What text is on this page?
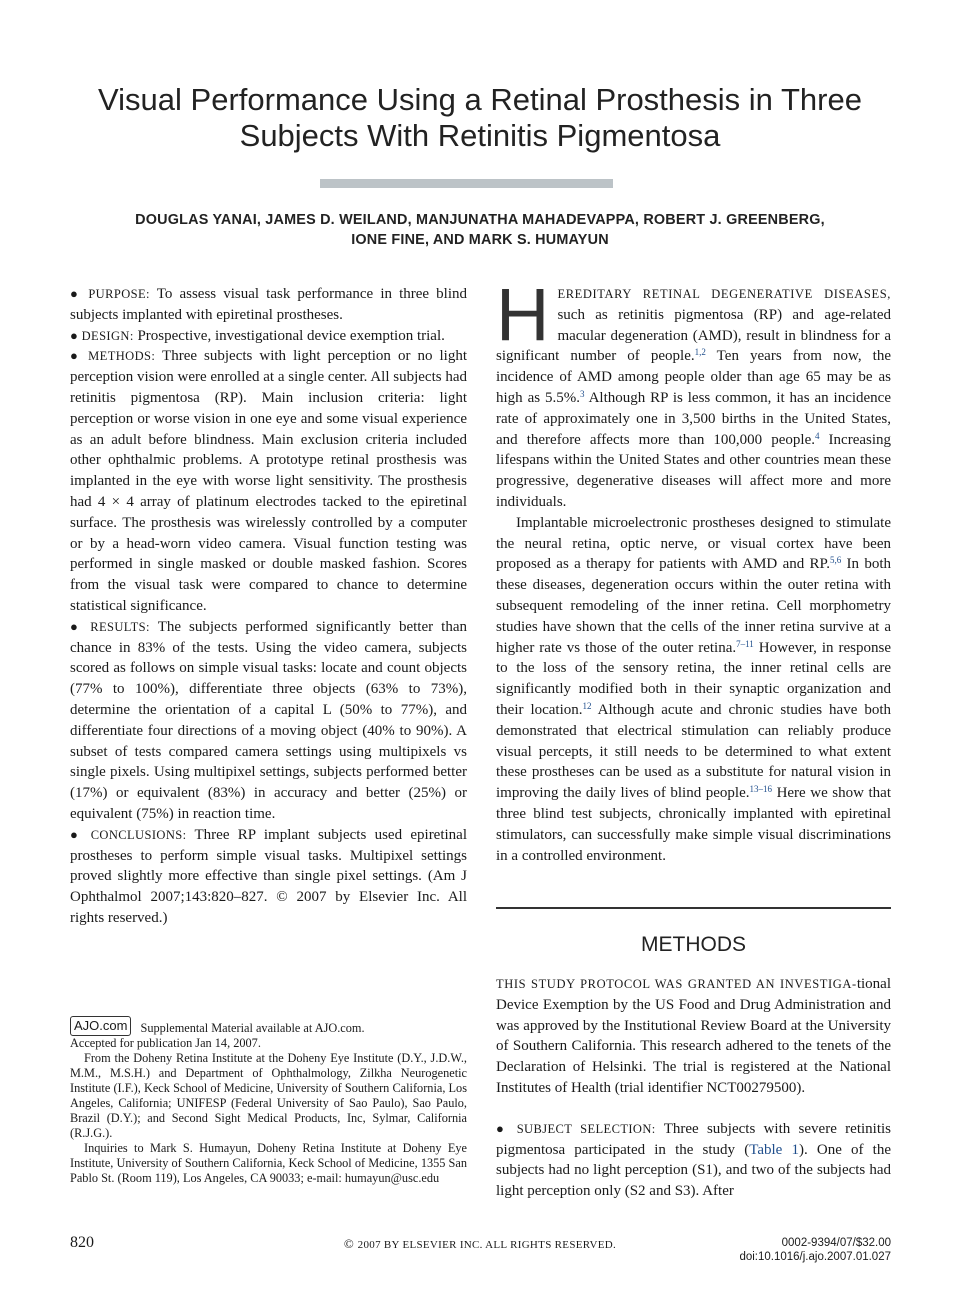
Visual Performance Using a Retinal Prosthesis in Three Subjects With Retinitis Pigmentosa
DOUGLAS YANAI, JAMES D. WEILAND, MANJUNATHA MAHADEVAPPA, ROBERT J. GREENBERG,
IONE FINE, AND MARK S. HUMAYUN

● PURPOSE: To assess visual task performance in three blind subjects implanted with epiretinal prostheses.

● DESIGN: Prospective, investigational device exemption trial.

● METHODS: Three subjects with light perception or no light perception vision were enrolled at a single center. All subjects had retinitis pigmentosa (RP). Main inclusion criteria: light perception or worse vision in one eye and some visual experience as an adult before blindness. Main exclusion criteria included other ophthalmic problems. A prototype retinal prosthesis was implanted in the eye with worse light sensitivity. The prosthesis had 4 × 4 array of platinum electrodes tacked to the epiretinal surface. The prosthesis was wirelessly controlled by a computer or by a head-worn video camera. Visual function testing was performed in single masked or double masked fashion. Scores from the visual task were compared to chance to determine statistical significance.

● RESULTS: The subjects performed significantly better than chance in 83% of the tests. Using the video camera, subjects scored as follows on simple visual tasks: locate and count objects (77% to 100%), differentiate three objects (63% to 73%), determine the orientation of a capital L (50% to 77%), and differentiate four directions of a moving object (40% to 90%). A subset of tests compared camera settings using multipixels vs single pixels. Using multipixel settings, subjects performed better (17%) or equivalent (83%) in accuracy and better (25%) or equivalent (75%) in reaction time.

● CONCLUSIONS: Three RP implant subjects used epiretinal prostheses to perform simple visual tasks. Multipixel settings proved slightly more effective than single pixel settings. (Am J Ophthalmol 2007;143:820–827. © 2007 by Elsevier Inc. All rights reserved.)

AJO.com Supplemental Material available at AJO.com.

Accepted for publication Jan 14, 2007.

From the Doheny Retina Institute at the Doheny Eye Institute (D.Y., J.D.W., M.M., M.S.H.) and Department of Ophthalmology, Zilkha Neurogenetic Institute (I.F.), Keck School of Medicine, University of Southern California, Los Angeles, California; UNIFESP (Federal University of Sao Paulo), Sao Paulo, Brazil (D.Y.); and Second Sight Medical Products, Inc, Sylmar, California (R.J.G.).

Inquiries to Mark S. Humayun, Doheny Retina Institute at Doheny Eye Institute, University of Southern California, Keck School of Medicine, 1355 San Pablo St. (Room 119), Los Angeles, CA 90033; e-mail: humayun@usc.edu

HEREDITARY RETINAL DEGENERATIVE DISEASES, such as retinitis pigmentosa (RP) and age-related macular degeneration (AMD), result in blindness for a significant number of people.$^{1,2}$ Ten years from now, the incidence of AMD among people older than age 65 may be as high as 5.5%.$^3$ Although RP is less common, it has an incidence rate of approximately one in 3,500 births in the United States, and therefore affects more than 100,000 people.$^4$ Increasing lifespans within the United States and other countries mean these progressive, degenerative diseases will affect more and more individuals.

Implantable microelectronic prostheses designed to stimulate the neural retina, optic nerve, or visual cortex have been proposed as a therapy for patients with AMD and RP.$^{5,6}$ In both these diseases, degeneration occurs within the outer retina with subsequent remodeling of the inner retina. Cell morphometry studies have shown that the cells of the inner retina survive at a higher rate vs those of the outer retina.$^{7-11}$ However, in response to the loss of the sensory retina, the inner retinal cells are significantly modified both in their synaptic organization and their location.$^{12}$ Although acute and chronic studies have both demonstrated that electrical stimulation can reliably produce visual percepts, it still needs to be determined to what extent these prostheses can be used as a substitute for natural vision in improving the daily lives of blind people.$^{13-16}$ Here we show that three blind test subjects, chronically implanted with epiretinal stimulators, can successfully make simple visual discriminations in a controlled environment.

METHODS

THIS STUDY PROTOCOL WAS GRANTED AN INVESTIGA-tional Device Exemption by the US Food and Drug Administration and was approved by the Institutional Review Board at the University of Southern California. This research adhered to the tenets of the Declaration of Helsinki. The trial is registered at the National Institutes of Health (trial identifier NCT00279500).

● SUBJECT SELECTION: Three subjects with severe retinitis pigmentosa participated in the study (Table 1). One of the subjects had no light perception (S1), and two of the subjects had light perception only (S2 and S3). After

820	© 2007 BY ELSEVIER INC. ALL RIGHTS RESERVED.	0002-9394/07/$32.00
doi:10.1016/j.ajo.2007.01.027
